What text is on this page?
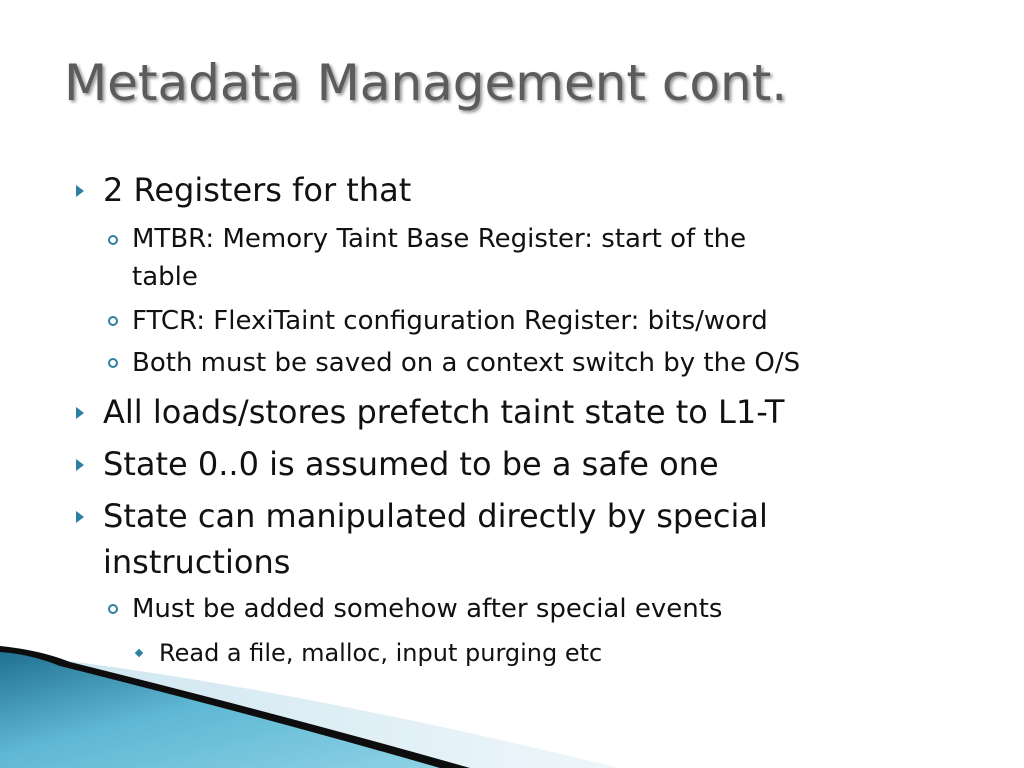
Metadata Management cont.
2 Registers for that
MTBR: Memory Taint Base Register: start of the
table
FTCR: FlexiTaint configuration Register: bits/word
Both must be saved on a context switch by the O/S
All loads/stores prefetch taint state to L1-T
State 0..0 is assumed to be a safe one
State can manipulated directly by special
instructions
Must be added somehow after special events
Read a file, malloc, input purging etc
